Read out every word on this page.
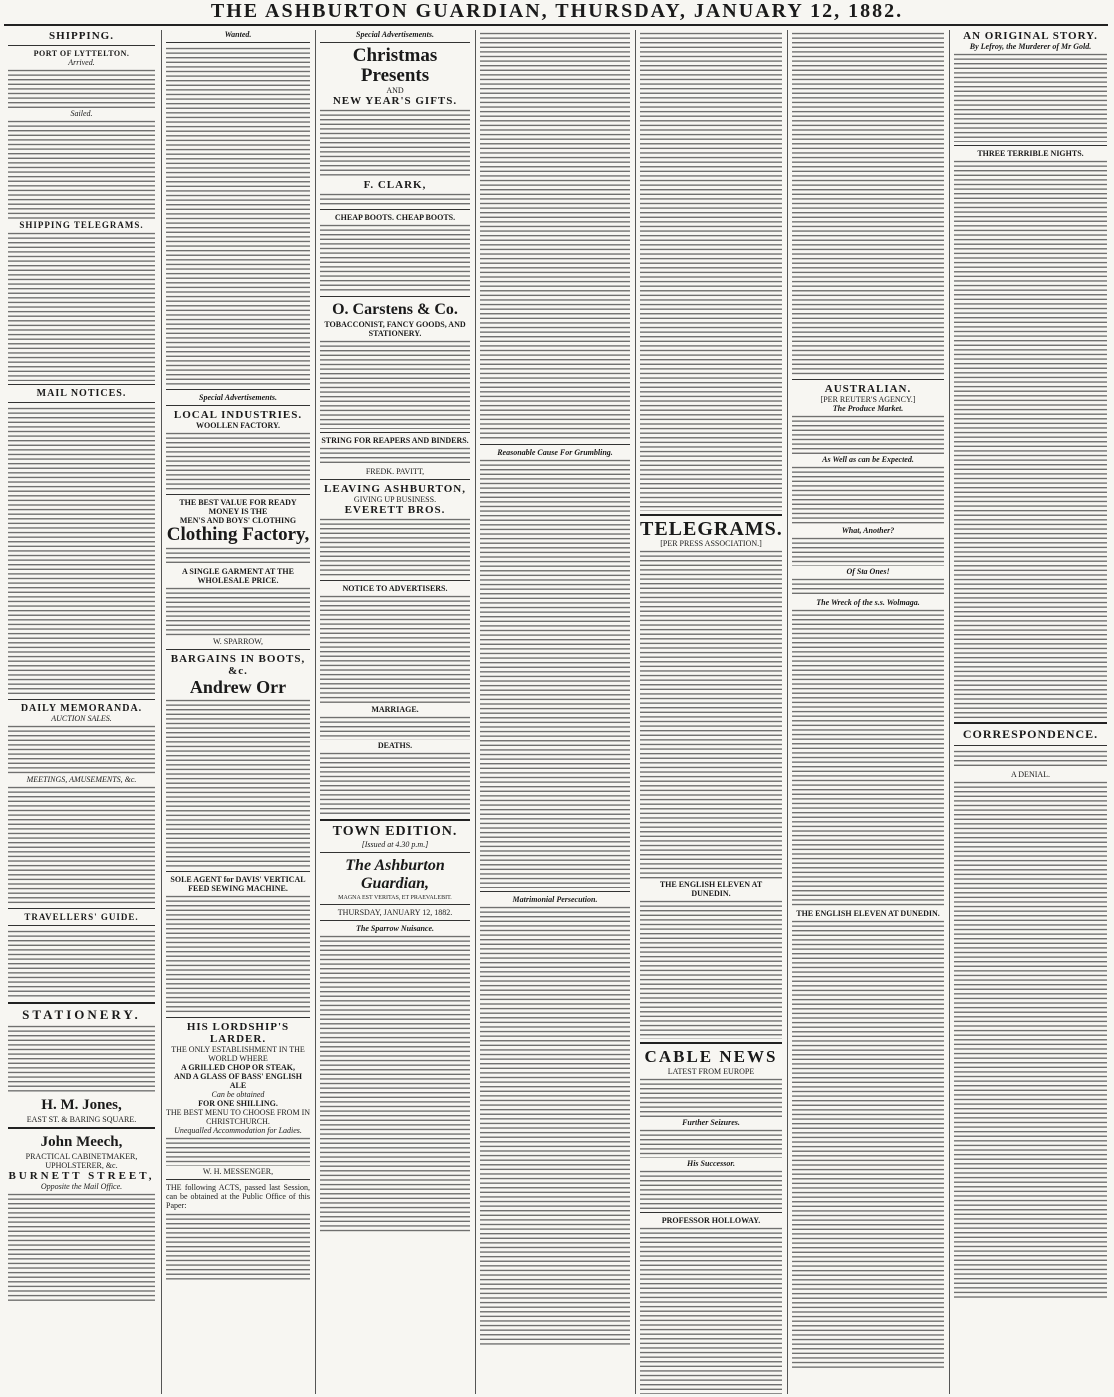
THE ASHBURTON GUARDIAN, THURSDAY, JANUARY 12, 1882.
SHIPPING.
PORT OF LYTTELTON.
Arrived.
Sailed.
SHIPPING TELEGRAMS.
MAIL NOTICES.
DAILY MEMORANDA.
AUCTION SALES.
MEETINGS, AMUSEMENTS, &c.
TRAVELLERS' GUIDE.
STATIONERY.
H. M. Jones,
EAST ST. & BARING SQUARE.
John Meech,
PRACTICAL CABINETMAKER, UPHOLSTERER, &c.
BURNETT STREET,
Opposite the Mail Office.
Wanted.
Special Advertisements.
LOCAL INDUSTRIES.
WOOLLEN FACTORY.
THE BEST VALUE FOR READY MONEY IS THE
MEN'S AND BOYS' CLOTHING
Clothing Factory,
A SINGLE GARMENT AT THE WHOLESALE PRICE.
W. SPARROW,
BARGAINS IN BOOTS, &c.
Andrew Orr
SOLE AGENT for DAVIS' VERTICAL FEED SEWING MACHINE.
HIS LORDSHIP'S LARDER.
THE ONLY ESTABLISHMENT IN THE WORLD WHERE
A GRILLED CHOP OR STEAK,
AND A GLASS OF BASS' ENGLISH ALE
Can be obtained
FOR ONE SHILLING.
THE BEST MENU TO CHOOSE FROM IN CHRISTCHURCH.
Unequalled Accommodation for Ladies.
W. H. MESSENGER,
THE following ACTS, passed last Session, can be obtained at the Public Office of this Paper:
Special Advertisements.
Christmas Presents
AND
NEW YEAR'S GIFTS.
F. CLARK,
CHEAP BOOTS. CHEAP BOOTS.
O. Carstens & Co.
TOBACCONIST, FANCY GOODS, AND STATIONERY.
STRING FOR REAPERS AND BINDERS.
FREDK. PAVITT,
LEAVING ASHBURTON,
GIVING UP BUSINESS.
EVERETT BROS.
NOTICE TO ADVERTISERS.
MARRIAGE.
DEATHS.
TOWN EDITION.
[Issued at 4.30 p.m.]
The Ashburton Guardian,
MAGNA EST VERITAS, ET PRAEVALEBIT.
THURSDAY, JANUARY 12, 1882.
The Sparrow Nuisance.
Reasonable Cause For Grumbling.
Matrimonial Persecution.
TELEGRAMS.
[PER PRESS ASSOCIATION.]
THE ENGLISH ELEVEN AT DUNEDIN.
CABLE NEWS
LATEST FROM EUROPE
Further Seizures.
His Successor.
PROFESSOR HOLLOWAY.
AUSTRALIAN.
[PER REUTER'S AGENCY.]
The Produce Market.
As Well as can be Expected.
What, Another?
Of Sta Ones!
The Wreck of the s.s. Wolmaga.
THE ENGLISH ELEVEN AT DUNEDIN.
AN ORIGINAL STORY.
By Lefroy, the Murderer of Mr Gold.
THREE TERRIBLE NIGHTS.
CORRESPONDENCE.
A DENIAL.
